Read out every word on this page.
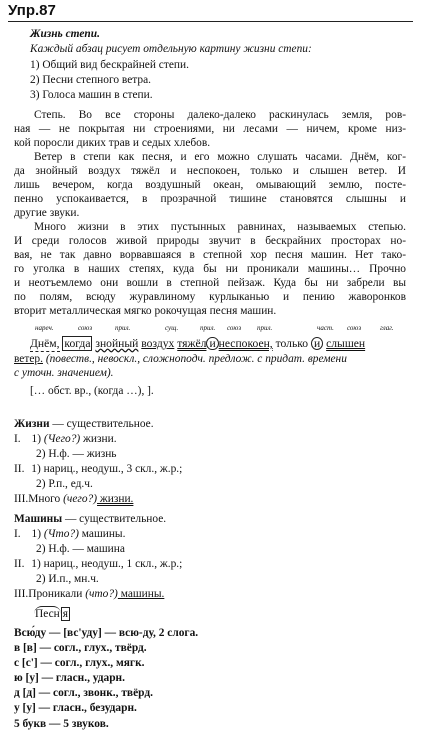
Упр.87
Жизнь степи.
Каждый абзац рисует отдельную картину жизни степи:
1) Общий вид бескрайней степи.
2) Песни степного ветра.
3) Голоса машин в степи.
Степь. Во все стороны далеко-далеко раскинулась земля, ров-
ная — не покрытая ни строениями, ни лесами — ничем, кроме низ-
кой поросли диких трав и седых хлебов.
Ветер в степи как песня, и его можно слушать часами. Днём, ког-
да знойный воздух тяжёл и неспокоен, только и слышен ветер. И
лишь вечером, когда воздушный океан, омывающий землю, посте-
пенно успокаивается, в прозрачной тишине становятся слышны и
другие звуки.
Много жизни в этих пустынных равнинах, называемых степью.
И среди голосов живой природы звучит в бескрайних просторах но-
вая, не так давно ворвавшаяся в степной хор песня машин. Нет тако-
го уголка в наших степях, куда бы ни проникали машины… Прочно
и неотъемлемо они вошли в степной пейзаж. Куда бы ни забрели вы
по полям, всюду журавлиному курлыканью и пению жаворонков
вторит металлическая мягко рокочущая песня машин.
нареч.	союз	прил.	сущ.	прил. союз прил.	част. союз	глаг.
Днём, когда знойный воздух тяжёл и неспокоен, только и слышен
ветер. (повеств., невоскл., сложноподч. предлож. с придат. времени
с уточн. значением).
[… обст. вр., (когда …), ].
Жизни — существительное.
I. 1) (Чего?) жизни.
2) Н.ф. — жизнь
II. 1) нариц., неодуш., 3 скл., ж.р.;
2) Р.п., ед.ч.
III.Много (чего?) жизни.
Машины — существительное.
I. 1) (Что?) машины.
2) Н.ф. — машина
II. 1) нариц., неодуш., 1 скл., ж.р.;
2) И.п., мн.ч.
III.Проникали (что?) машины.
Песн я
Всю́ду — [вс'уду] — всю-ду, 2 слога.
в [в] — согл., глух., твёрд.
с [с'] — согл., глух., мягк.
ю [у] — гласн., ударн.
д [д] — согл., звонк., твёрд.
у [у] — гласн., безударн.
5 букв — 5 звуков.
